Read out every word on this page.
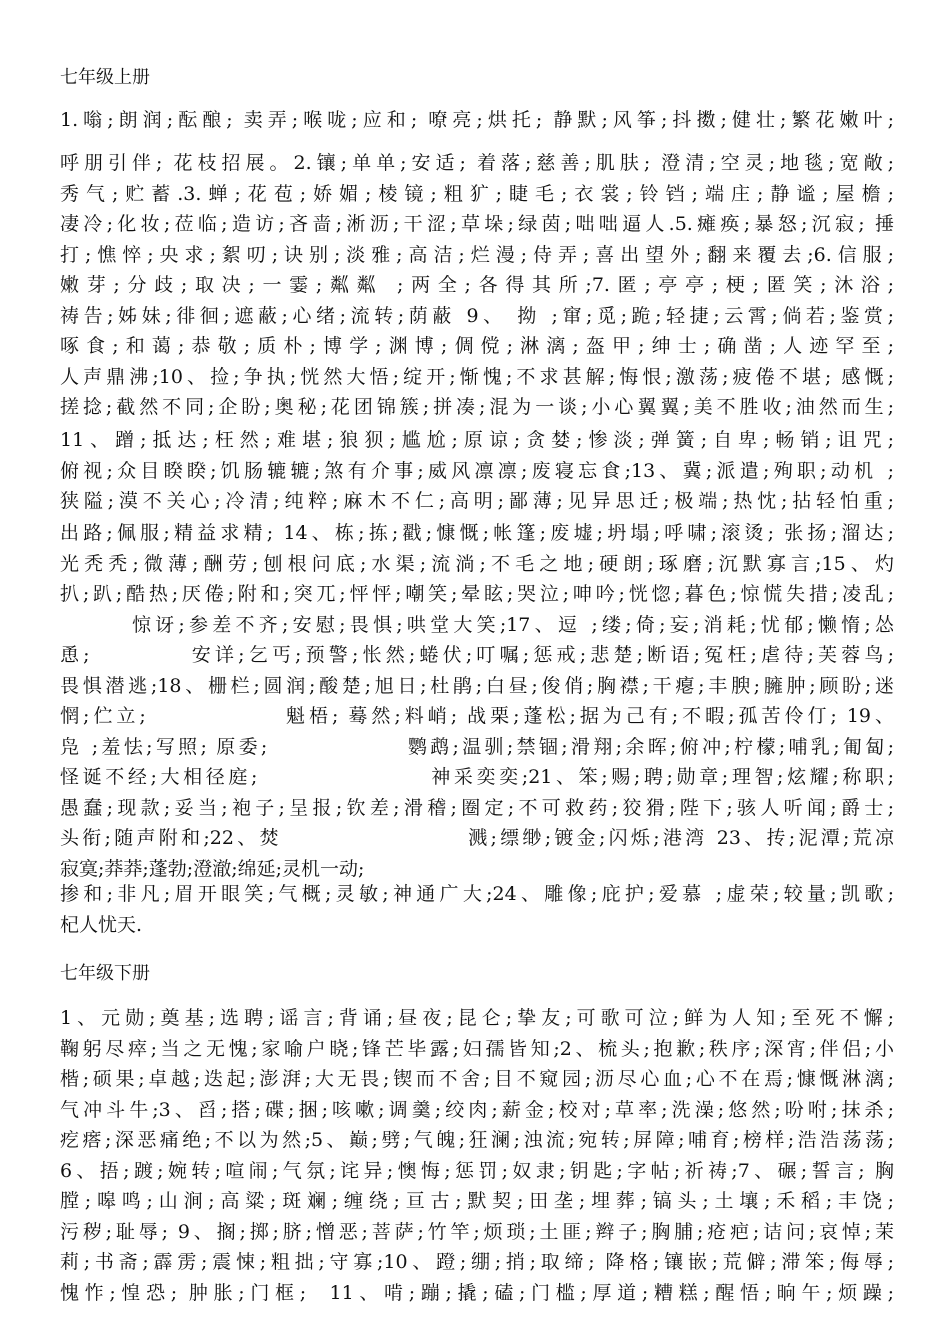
七年级上册
1.嗡;朗润;酝酿; 卖弄;喉咙;应和; 嘹亮;烘托; 静默;风筝;抖擞;健壮;繁花嫩叶;
呼朋引伴; 花枝招展。2.镶;单单;安适; 着落;慈善;肌肤; 澄清;空灵;地毯;宽敞;
秀气;贮蓄.3.蝉;花苞;娇媚;棱镜;粗犷;睫毛;衣裳;铃铛;端庄;静谧;屋檐;
凄冷;化妆;莅临;造访;吝啬;淅沥;干涩;草垛;绿茵;咄咄逼人.5.瘫痪;暴怒;沉寂; 捶
打;憔悴;央求;絮叨;诀别;淡雅;高洁;烂漫;侍弄;喜出望外;翻来覆去;6.信服;
嫩芽;分歧;取决;一霎;粼粼 ;两全;各得其所;7.匿;亭亭;梗;匿笑;沐浴;
祷告;姊妹;徘徊;遮蔽;心绪;流转;荫蔽 9、 拗 ;窜;觅;跪;轻捷;云霄;倘若;鉴赏;
啄食;和蔼;恭敬;质朴;博学;渊博;倜傥;淋漓;盔甲;绅士;确凿;人迹罕至;
人声鼎沸;10、捡;争执;恍然大悟;绽开;惭愧;不求甚解;悔恨;激荡;疲倦不堪; 感慨;
搓捻;截然不同;企盼;奥秘;花团锦簇;拼凑;混为一谈;小心翼翼;美不胜收;油然而生;
11、蹭;抵达;枉然;难堪;狼狈;尴尬;原谅;贪婪;惨淡;弹簧;自卑;畅销;诅咒;
俯视;众目睽睽;饥肠辘辘;煞有介事;威风凛凛;废寝忘食;13、冀;派遣;殉职;动机 ;
狭隘;漠不关心;冷清;纯粹;麻木不仁;高明;鄙薄;见异思迁;极端;热忱;拈轻怕重;
出路;佩服;精益求精; 14、栋;拣;戳;慷慨;帐篷;废墟;坍塌;呼啸;滚烫; 张扬;溜达;
光秃秃;微薄;酬劳;刨根问底;水渠;流淌;不毛之地;硬朗;琢磨;沉默寡言;15、灼
扒;趴;酷热;厌倦;附和;突兀;怦怦;嘲笑;晕眩;哭泣;呻吟;恍惚;暮色;惊慌失措;凌乱;
惊讶;参差不齐;安慰;畏惧;哄堂大笑;17、逗 ;缕;倚;妄;消耗;忧郁;懒惰;怂
恿;          安详;乞丐;预警;怅然;蜷伏;叮嘱;惩戒;悲楚;断语;冤枉;虐待;芙蓉鸟;
畏惧潜逃;18、栅栏;圆润;酸楚;旭日;杜鹃;白昼;俊俏;胸襟;干瘪;丰腴;臃肿;顾盼;迷
惘;伫立;              魁梧; 蓦然;料峭; 战栗;蓬松;据为己有;不暇;孤苦伶仃; 19、
凫 ;羞怯;写照; 原委;               鹦鹉;温驯;禁锢;滑翔;余晖;俯冲;柠檬;哺乳;匍匐;
怪诞不经;大相径庭;                  神采奕奕;21、笨;赐;聘;勋章;理智;炫耀;称职;
愚蠢;现款;妥当;袍子;呈报;钦差;滑稽;圈定;不可救药;狡猾;陛下;骇人听闻;爵士;
头衔;随声附和;22、焚                    溅;缥缈;镀金;闪烁;港湾 23、抟;泥潭;荒凉
寂寞;莽莽;蓬勃;澄澈;绵延;灵机一动;
掺和;非凡;眉开眼笑;气概;灵敏;神通广大;24、雕像;庇护;爱慕 ;虚荣;较量;凯歌;
杞人忧天.
七年级下册
1、元勋;奠基;选聘;谣言;背诵;昼夜;昆仑;挚友;可歌可泣;鲜为人知;至死不懈;
鞠躬尽瘁;当之无愧;家喻户晓;锋芒毕露;妇孺皆知;2、梳头;抱歉;秩序;深宵;伴侣;小
楷;硕果;卓越;迭起;澎湃;大无畏;锲而不舍;目不窥园;沥尽心血;心不在焉;慷慨淋漓;
气冲斗牛;3、舀;搭;碟;捆;咳嗽;调羹;绞肉;薪金;校对;草率;洗澡;悠然;吩咐;抹杀;
疙瘩;深恶痛绝;不以为然;5、巅;劈;气魄;狂澜;浊流;宛转;屏障;哺育;榜样;浩浩荡荡;
6、捂;踱;婉转;喧闹;气氛;诧异;懊悔;惩罚;奴隶;钥匙;字帖;祈祷;7、碾;誓言; 胸
膛;嗥鸣;山涧;高粱;斑斓;缠绕;亘古;默契;田垄;埋葬;镐头;土壤;禾稻;丰饶;
污秽;耻辱; 9、搁;掷;脐;憎恶;菩萨;竹竿;烦琐;土匪;辫子;胸脯;疮疤;诘问;哀悼;茉
莉;书斋;霹雳;震悚;粗拙;守寡;10、蹬;绷;捎;取缔; 降格;镶嵌;荒僻;滞笨;侮辱;
愧怍;惶恐; 肿胀;门框;  11、啃;蹦;撬;磕;门槛;厚道;糟糕;醒悟;晌午;烦躁;
